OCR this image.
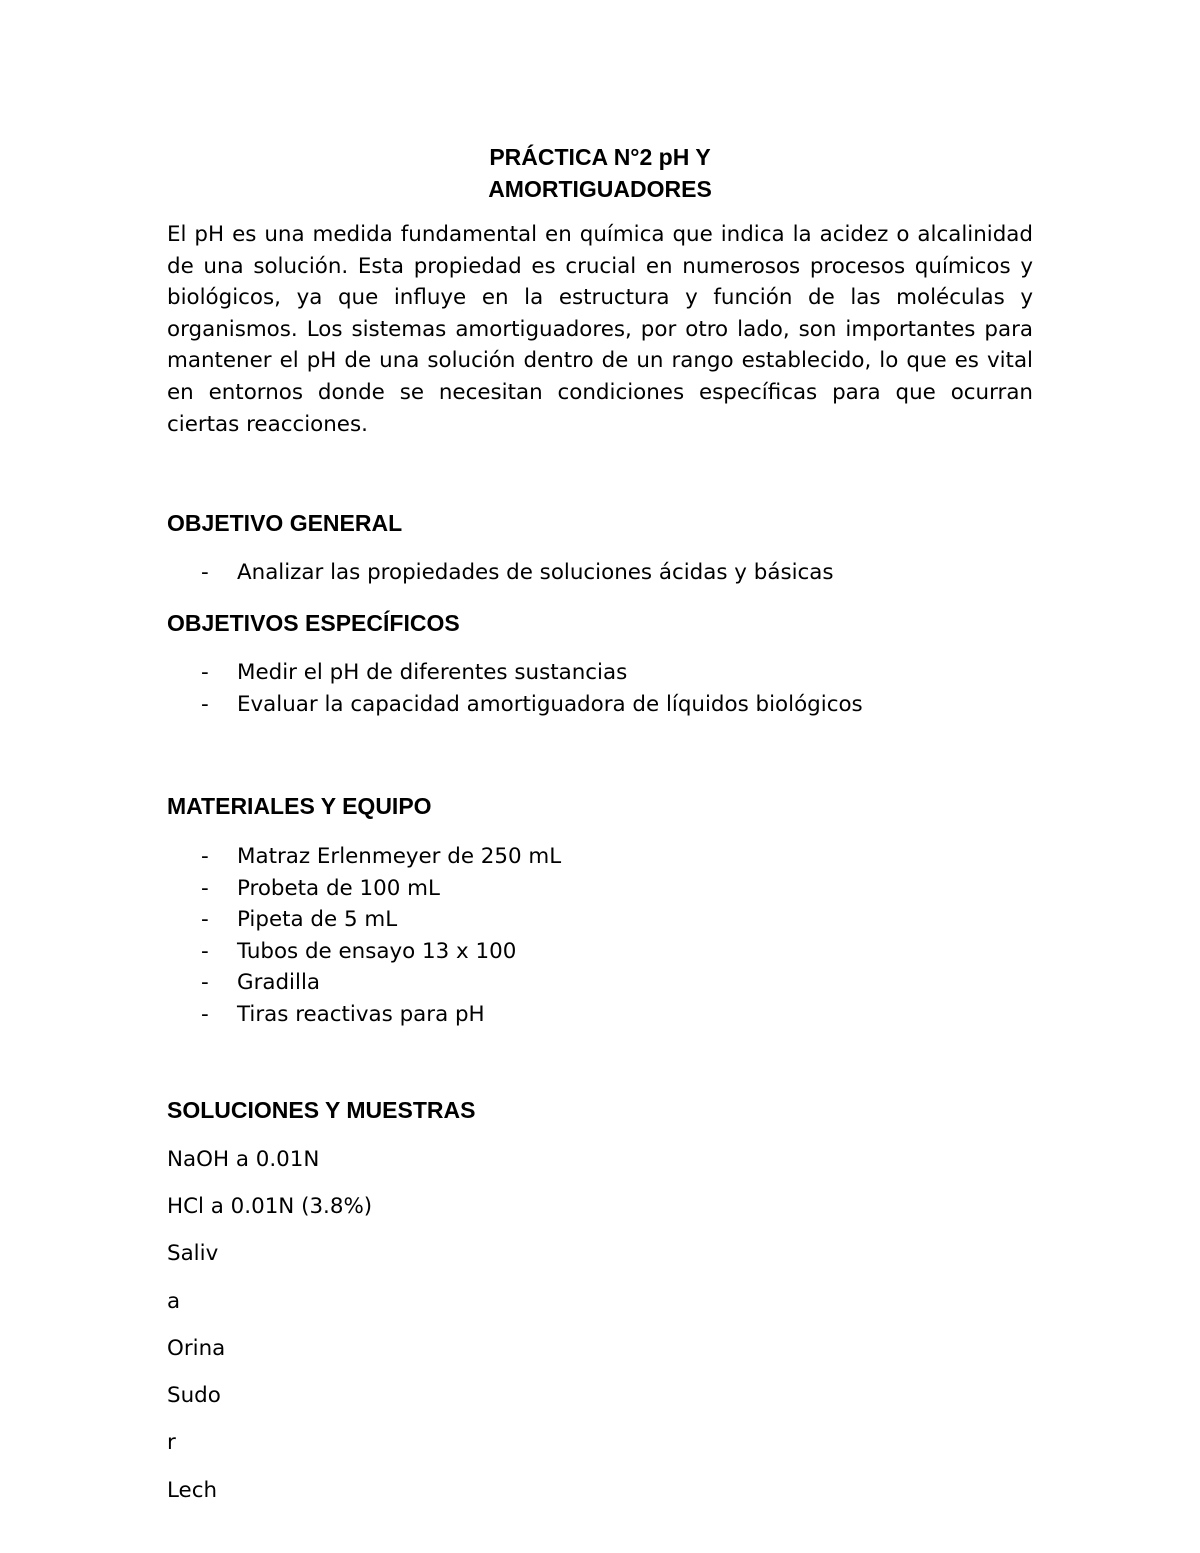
PRÁCTICA N°2 pH Y
AMORTIGUADORES

El pH es una medida fundamental en química que indica la acidez o alcalinidad de una solución. Esta propiedad es crucial en numerosos procesos químicos y biológicos, ya que influye en la estructura y función de las moléculas y organismos. Los sistemas amortiguadores, por otro lado, son importantes para mantener el pH de una solución dentro de un rango establecido, lo que es vital en entornos donde se necesitan condiciones específicas para que ocurran ciertas reacciones.

OBJETIVO GENERAL
- Analizar las propiedades de soluciones ácidas y básicas
OBJETIVOS ESPECÍFICOS
- Medir el pH de diferentes sustancias
- Evaluar la capacidad amortiguadora de líquidos biológicos
MATERIALES Y EQUIPO
- Matraz Erlenmeyer de 250 mL
- Probeta de 100 mL
- Pipeta de 5 mL
- Tubos de ensayo 13 x 100
- Gradilla
- Tiras reactivas para pH
SOLUCIONES Y MUESTRAS

NaOH a 0.01N

HCl a 0.01N (3.8%)

Saliv

a

Orina

Sudo

r

Lech
